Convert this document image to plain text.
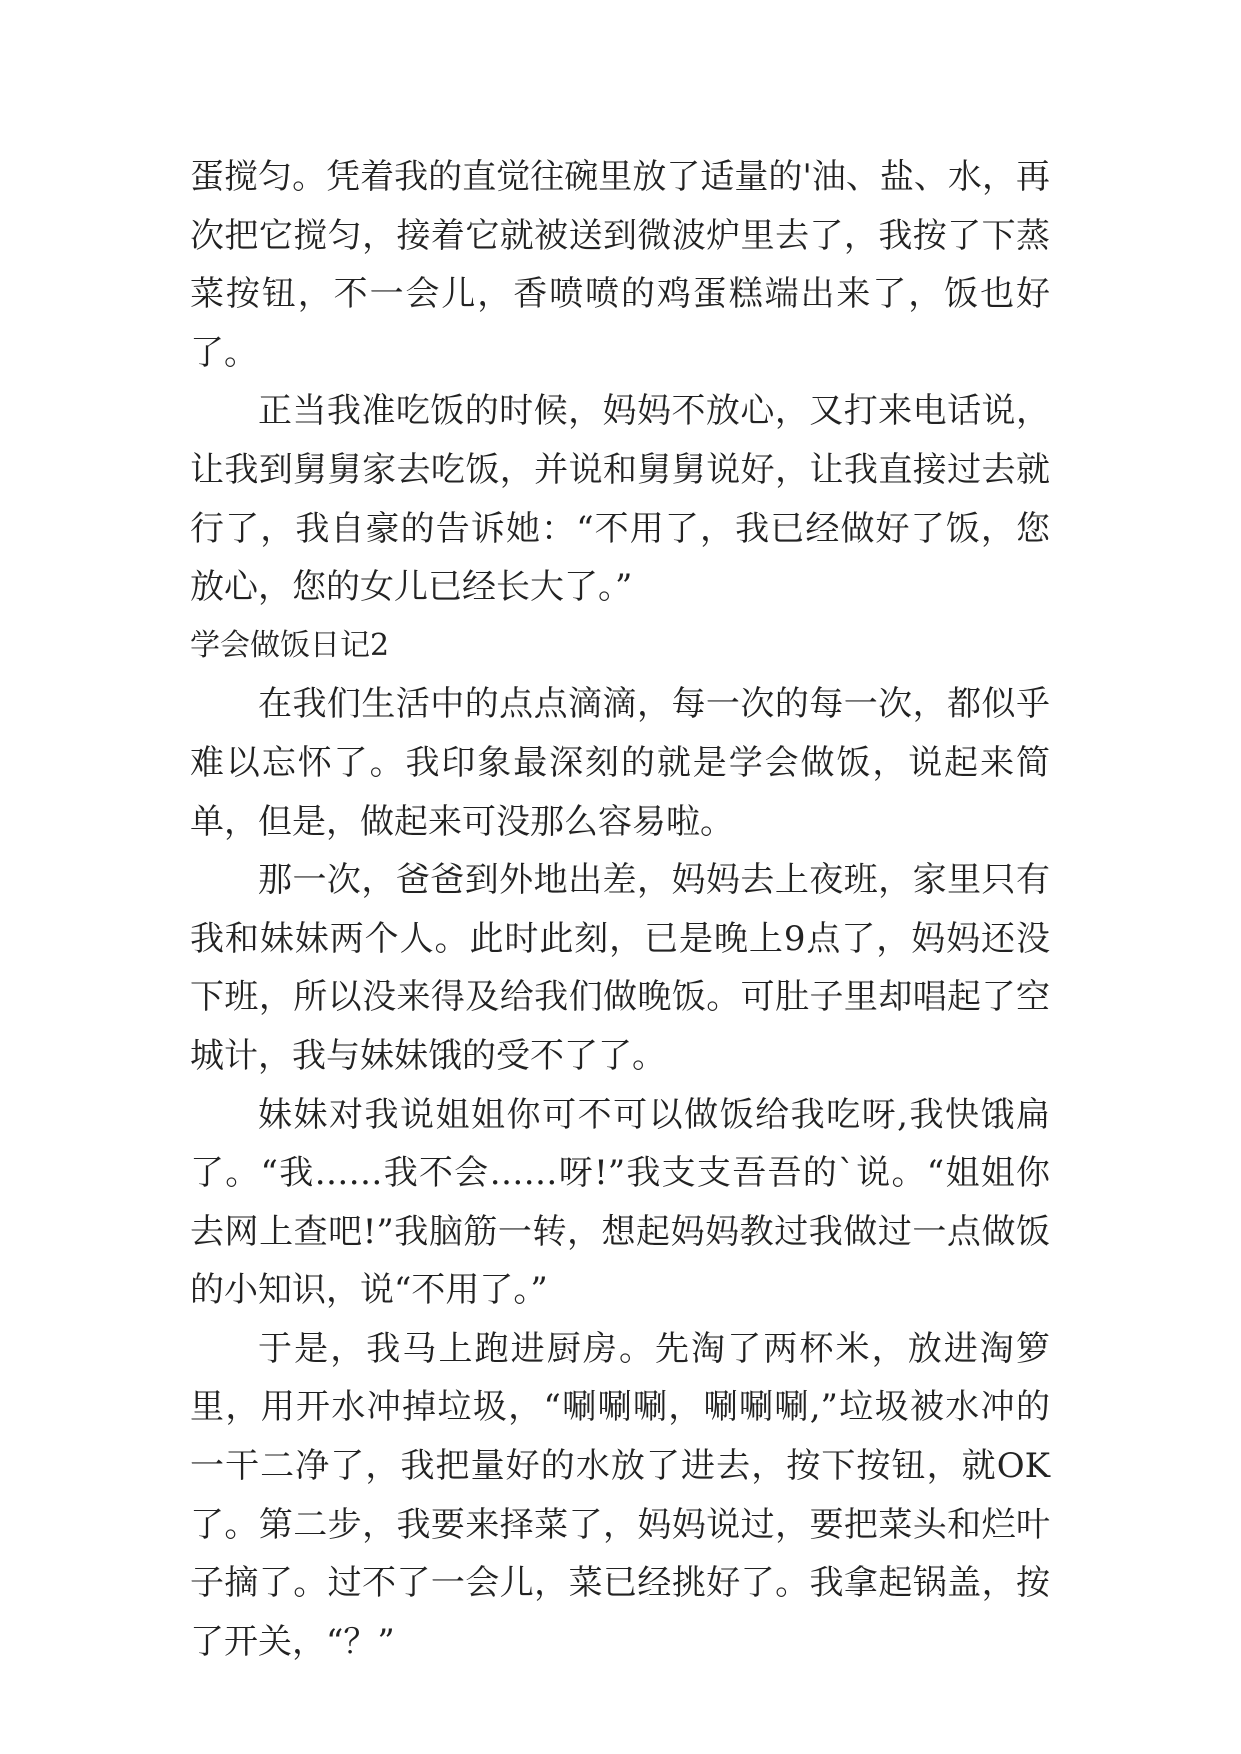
蛋搅匀。凭着我的直觉往碗里放了适量的'油、盐、水，再次把它搅匀，接着它就被送到微波炉里去了，我按了下蒸菜按钮，不一会儿，香喷喷的鸡蛋糕端出来了，饭也好了。

正当我准吃饭的时候，妈妈不放心，又打来电话说，让我到舅舅家去吃饭，并说和舅舅说好，让我直接过去就行了，我自豪的告诉她：“不用了，我已经做好了饭，您放心，您的女儿已经长大了。”

学会做饭日记2

在我们生活中的点点滴滴，每一次的每一次，都似乎难以忘怀了。我印象最深刻的就是学会做饭，说起来简单，但是，做起来可没那么容易啦。

那一次，爸爸到外地出差，妈妈去上夜班，家里只有我和妹妹两个人。此时此刻，已是晚上9点了，妈妈还没下班，所以没来得及给我们做晚饭。可肚子里却唱起了空城计，我与妹妹饿的受不了了。

妹妹对我说姐姐你可不可以做饭给我吃呀,我快饿扁了。“我……我不会……呀!”我支支吾吾的`说。“姐姐你去网上查吧!”我脑筋一转，想起妈妈教过我做过一点做饭的小知识，说“不用了。”

于是，我马上跑进厨房。先淘了两杯米，放进淘箩里，用开水冲掉垃圾，“唰唰唰，唰唰唰,”垃圾被水冲的一干二净了，我把量好的水放了进去，按下按钮，就OK了。第二步，我要来择菜了，妈妈说过，要把菜头和烂叶子摘了。过不了一会儿，菜已经挑好了。我拿起锅盖，按了开关，“？”
